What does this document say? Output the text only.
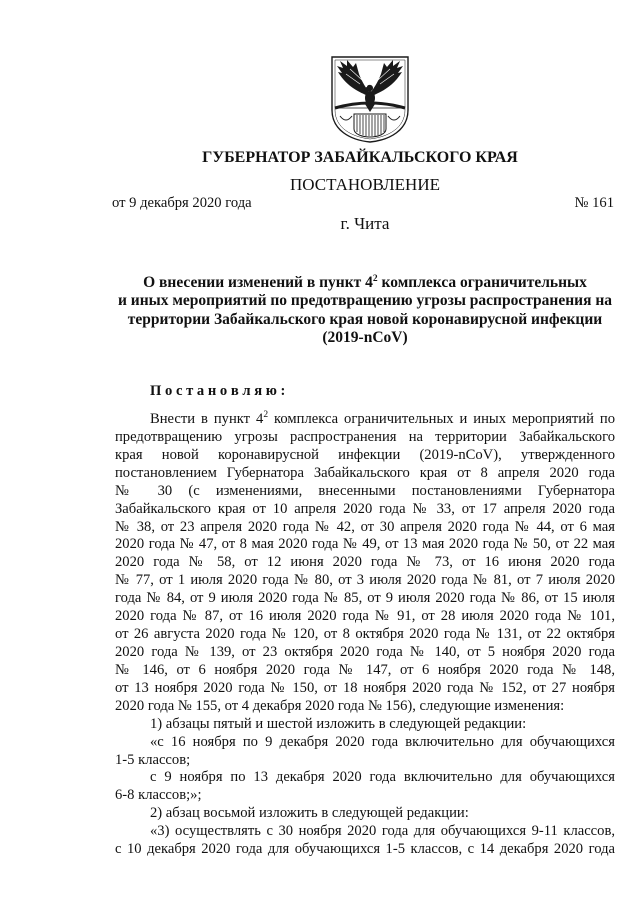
ГУБЕРНАТОР ЗАБАЙКАЛЬСКОГО КРАЯ
ПОСТАНОВЛЕНИЕ
от 9 декабря 2020 года	№ 161
г. Чита
О внесении изменений в пункт $4^2$ комплекса ограничительных
и иных мероприятий по предотвращению угрозы распространения на
территории Забайкальского края новой коронавирусной инфекции
(2019-nCoV)
П о с т а н о в л я ю :
Внести в пункт $4^2$ комплекса ограничительных и иных мероприятий по
предотвращению угрозы распространения на территории Забайкальского
края новой коронавирусной инфекции (2019-nCoV), утвержденного
постановлением Губернатора Забайкальского края от 8 апреля 2020 года
№ 30 (с изменениями, внесенными постановлениями Губернатора
Забайкальского края от 10 апреля 2020 года № 33, от 17 апреля 2020 года
№ 38, от 23 апреля 2020 года № 42, от 30 апреля 2020 года № 44, от 6 мая
2020 года № 47, от 8 мая 2020 года № 49, от 13 мая 2020 года № 50, от 22 мая
2020 года № 58, от 12 июня 2020 года № 73, от 16 июня 2020 года
№ 77, от 1 июля 2020 года № 80, от 3 июля 2020 года № 81, от 7 июля 2020
года № 84, от 9 июля 2020 года № 85, от 9 июля 2020 года № 86, от 15 июля
2020 года № 87, от 16 июля 2020 года № 91, от 28 июля 2020 года № 101,
от 26 августа 2020 года № 120, от 8 октября 2020 года № 131, от 22 октября
2020 года № 139, от 23 октября 2020 года № 140, от 5 ноября 2020 года
№ 146, от 6 ноября 2020 года № 147, от 6 ноября 2020 года № 148,
от 13 ноября 2020 года № 150, от 18 ноября 2020 года № 152, от 27 ноября
2020 года № 155, от 4 декабря 2020 года № 156), следующие изменения:
1) абзацы пятый и шестой изложить в следующей редакции:
«с 16 ноября по 9 декабря 2020 года включительно для обучающихся
1-5 классов;
с 9 ноября по 13 декабря 2020 года включительно для обучающихся
6-8 классов;»;
2) абзац восьмой изложить в следующей редакции:
«3) осуществлять с 30 ноября 2020 года для обучающихся 9-11 классов,
с 10 декабря 2020 года для обучающихся 1-5 классов, с 14 декабря 2020 года
